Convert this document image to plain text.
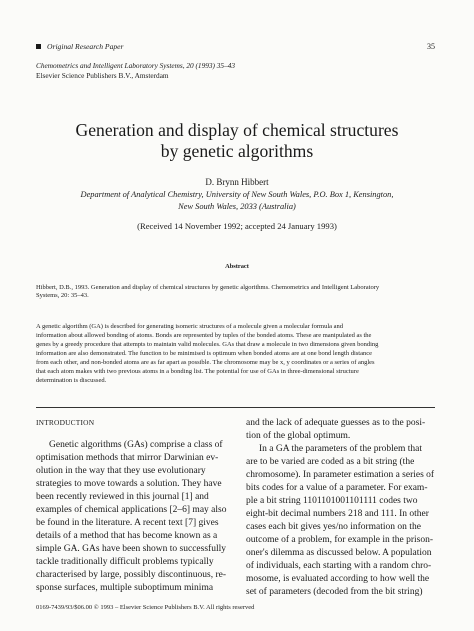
Original Research Paper	35
Chemometrics and Intelligent Laboratory Systems, 20 (1993) 35–43
Elsevier Science Publishers B.V., Amsterdam
Generation and display of chemical structures
by genetic algorithms
D. Brynn Hibbert
Department of Analytical Chemistry, University of New South Wales, P.O. Box 1, Kensington,
New South Wales, 2033 (Australia)
(Received 14 November 1992; accepted 24 January 1993)
Abstract
Hibbert, D.B., 1993. Generation and display of chemical structures by genetic algorithms. Chemometrics and Intelligent Laboratory
Systems, 20: 35–43.
A genetic algorithm (GA) is described for generating isomeric structures of a molecule given a molecular formula and
information about allowed bonding of atoms. Bonds are represented by tuples of the bonded atoms. These are manipulated as the
genes by a greedy procedure that attempts to maintain valid molecules. GAs that draw a molecule in two dimensions given bonding
information are also demonstrated. The function to be minimised is optimum when bonded atoms are at one bond length distance
from each other, and non-bonded atoms are as far apart as possible. The chromosome may be x, y coordinates or a series of angles
that each atom makes with two previous atoms in a bonding list. The potential for use of GAs in three-dimensional structure
determination is discussed.
INTRODUCTION
Genetic algorithms (GAs) comprise a class of
optimisation methods that mirror Darwinian ev-
olution in the way that they use evolutionary
strategies to move towards a solution. They have
been recently reviewed in this journal [1] and
examples of chemical applications [2–6] may also
be found in the literature. A recent text [7] gives
details of a method that has become known as a
simple GA. GAs have been shown to successfully
tackle traditionally difficult problems typically
characterised by large, possibly discontinuous, re-
sponse surfaces, multiple suboptimum minima
and the lack of adequate guesses as to the posi-
tion of the global optimum.
In a GA the parameters of the problem that
are to be varied are coded as a bit string (the
chromosome). In parameter estimation a series of
bits codes for a value of a parameter. For exam-
ple a bit string 1101101001101111 codes two
eight-bit decimal numbers 218 and 111. In other
cases each bit gives yes/no information on the
outcome of a problem, for example in the prison-
oner's dilemma as discussed below. A population
of individuals, each starting with a random chro-
mosome, is evaluated according to how well the
set of parameters (decoded from the bit string)
0169-7439/93/$06.00 © 1993 – Elsevier Science Publishers B.V. All rights reserved
